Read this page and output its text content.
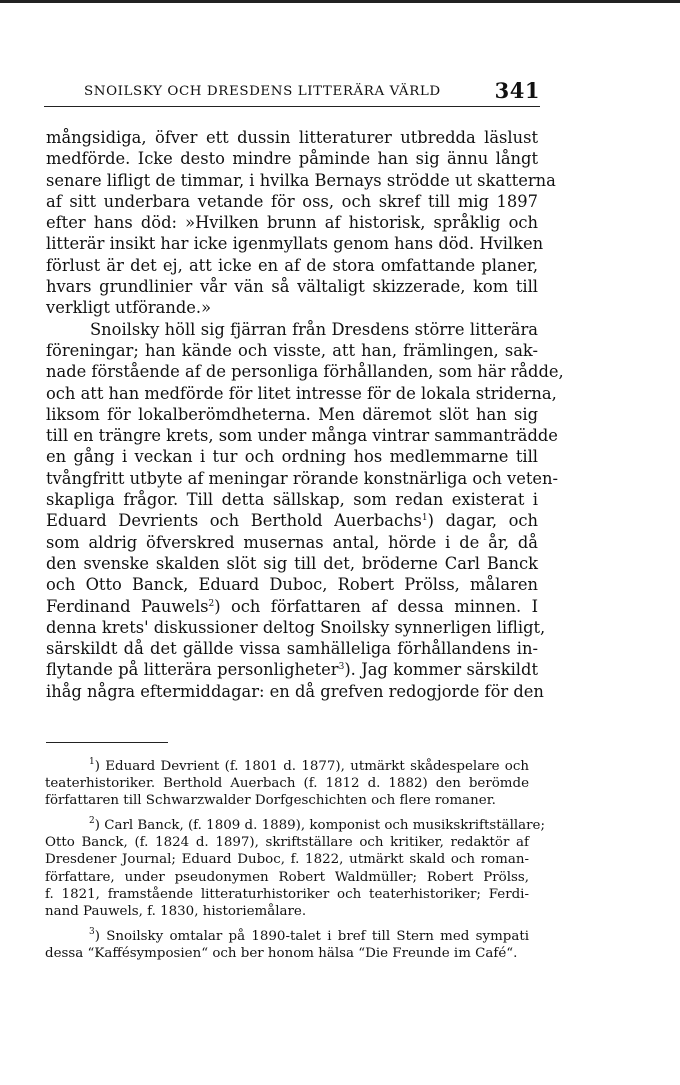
SNOILSKY OCH DRESDENS LITTERÄRA VÄRLD	341
mångsidiga, öfver ett dussin litteraturer utbredda läslust
medförde. Icke desto mindre påminde han sig ännu långt
senare lifligt de timmar, i hvilka Bernays strödde ut skatterna
af sitt underbara vetande för oss, och skref till mig 1897
efter hans död: »Hvilken brunn af historisk, språklig och
litterär insikt har icke igenmyllats genom hans död. Hvilken
förlust är det ej, att icke en af de stora omfattande planer,
hvars grundlinier vår vän så vältaligt skizzerade, kom till
verkligt utförande.»
Snoilsky höll sig fjärran från Dresdens större litterära
föreningar; han kände och visste, att han, främlingen, sak-
nade förstående af de personliga förhållanden, som här rådde,
och att han medförde för litet intresse för de lokala striderna,
liksom för lokalberömdheterna. Men däremot slöt han sig
till en trängre krets, som under många vintrar sammanträdde
en gång i veckan i tur och ordning hos medlemmarne till
tvångfritt utbyte af meningar rörande konstnärliga och veten-
skapliga frågor. Till detta sällskap, som redan existerat i
Eduard Devrients och Berthold Auerbachs$^1$) dagar, och
som aldrig öfverskred musernas antal, hörde i de år, då
den svenske skalden slöt sig till det, bröderne Carl Banck
och Otto Banck, Eduard Duboc, Robert Prölss, målaren
Ferdinand Pauwels$^2$) och författaren af dessa minnen. I
denna krets' diskussioner deltog Snoilsky synnerligen lifligt,
särskildt då det gällde vissa samhälleliga förhållandens in-
flytande på litterära personligheter$^3$). Jag kommer särskildt
ihåg några eftermiddagar: en då grefven redogjorde för den
$^1$) Eduard Devrient (f. 1801 d. 1877), utmärkt skådespelare och
teaterhistoriker. Berthold Auerbach (f. 1812 d. 1882) den berömde
författaren till Schwarzwalder Dorfgeschichten och flere romaner.
$^2$) Carl Banck, (f. 1809 d. 1889), komponist och musikskriftställare;
Otto Banck, (f. 1824 d. 1897), skriftställare och kritiker, redaktör af
Dresdener Journal; Eduard Duboc, f. 1822, utmärkt skald och roman-
författare, under pseudonymen Robert Waldmüller; Robert Prölss,
f. 1821, framstående litteraturhistoriker och teaterhistoriker; Ferdi-
nand Pauwels, f. 1830, historiemålare.
$^3$) Snoilsky omtalar på 1890-talet i bref till Stern med sympati
dessa “Kaffésymposien“ och ber honom hälsa “Die Freunde im Café“.
